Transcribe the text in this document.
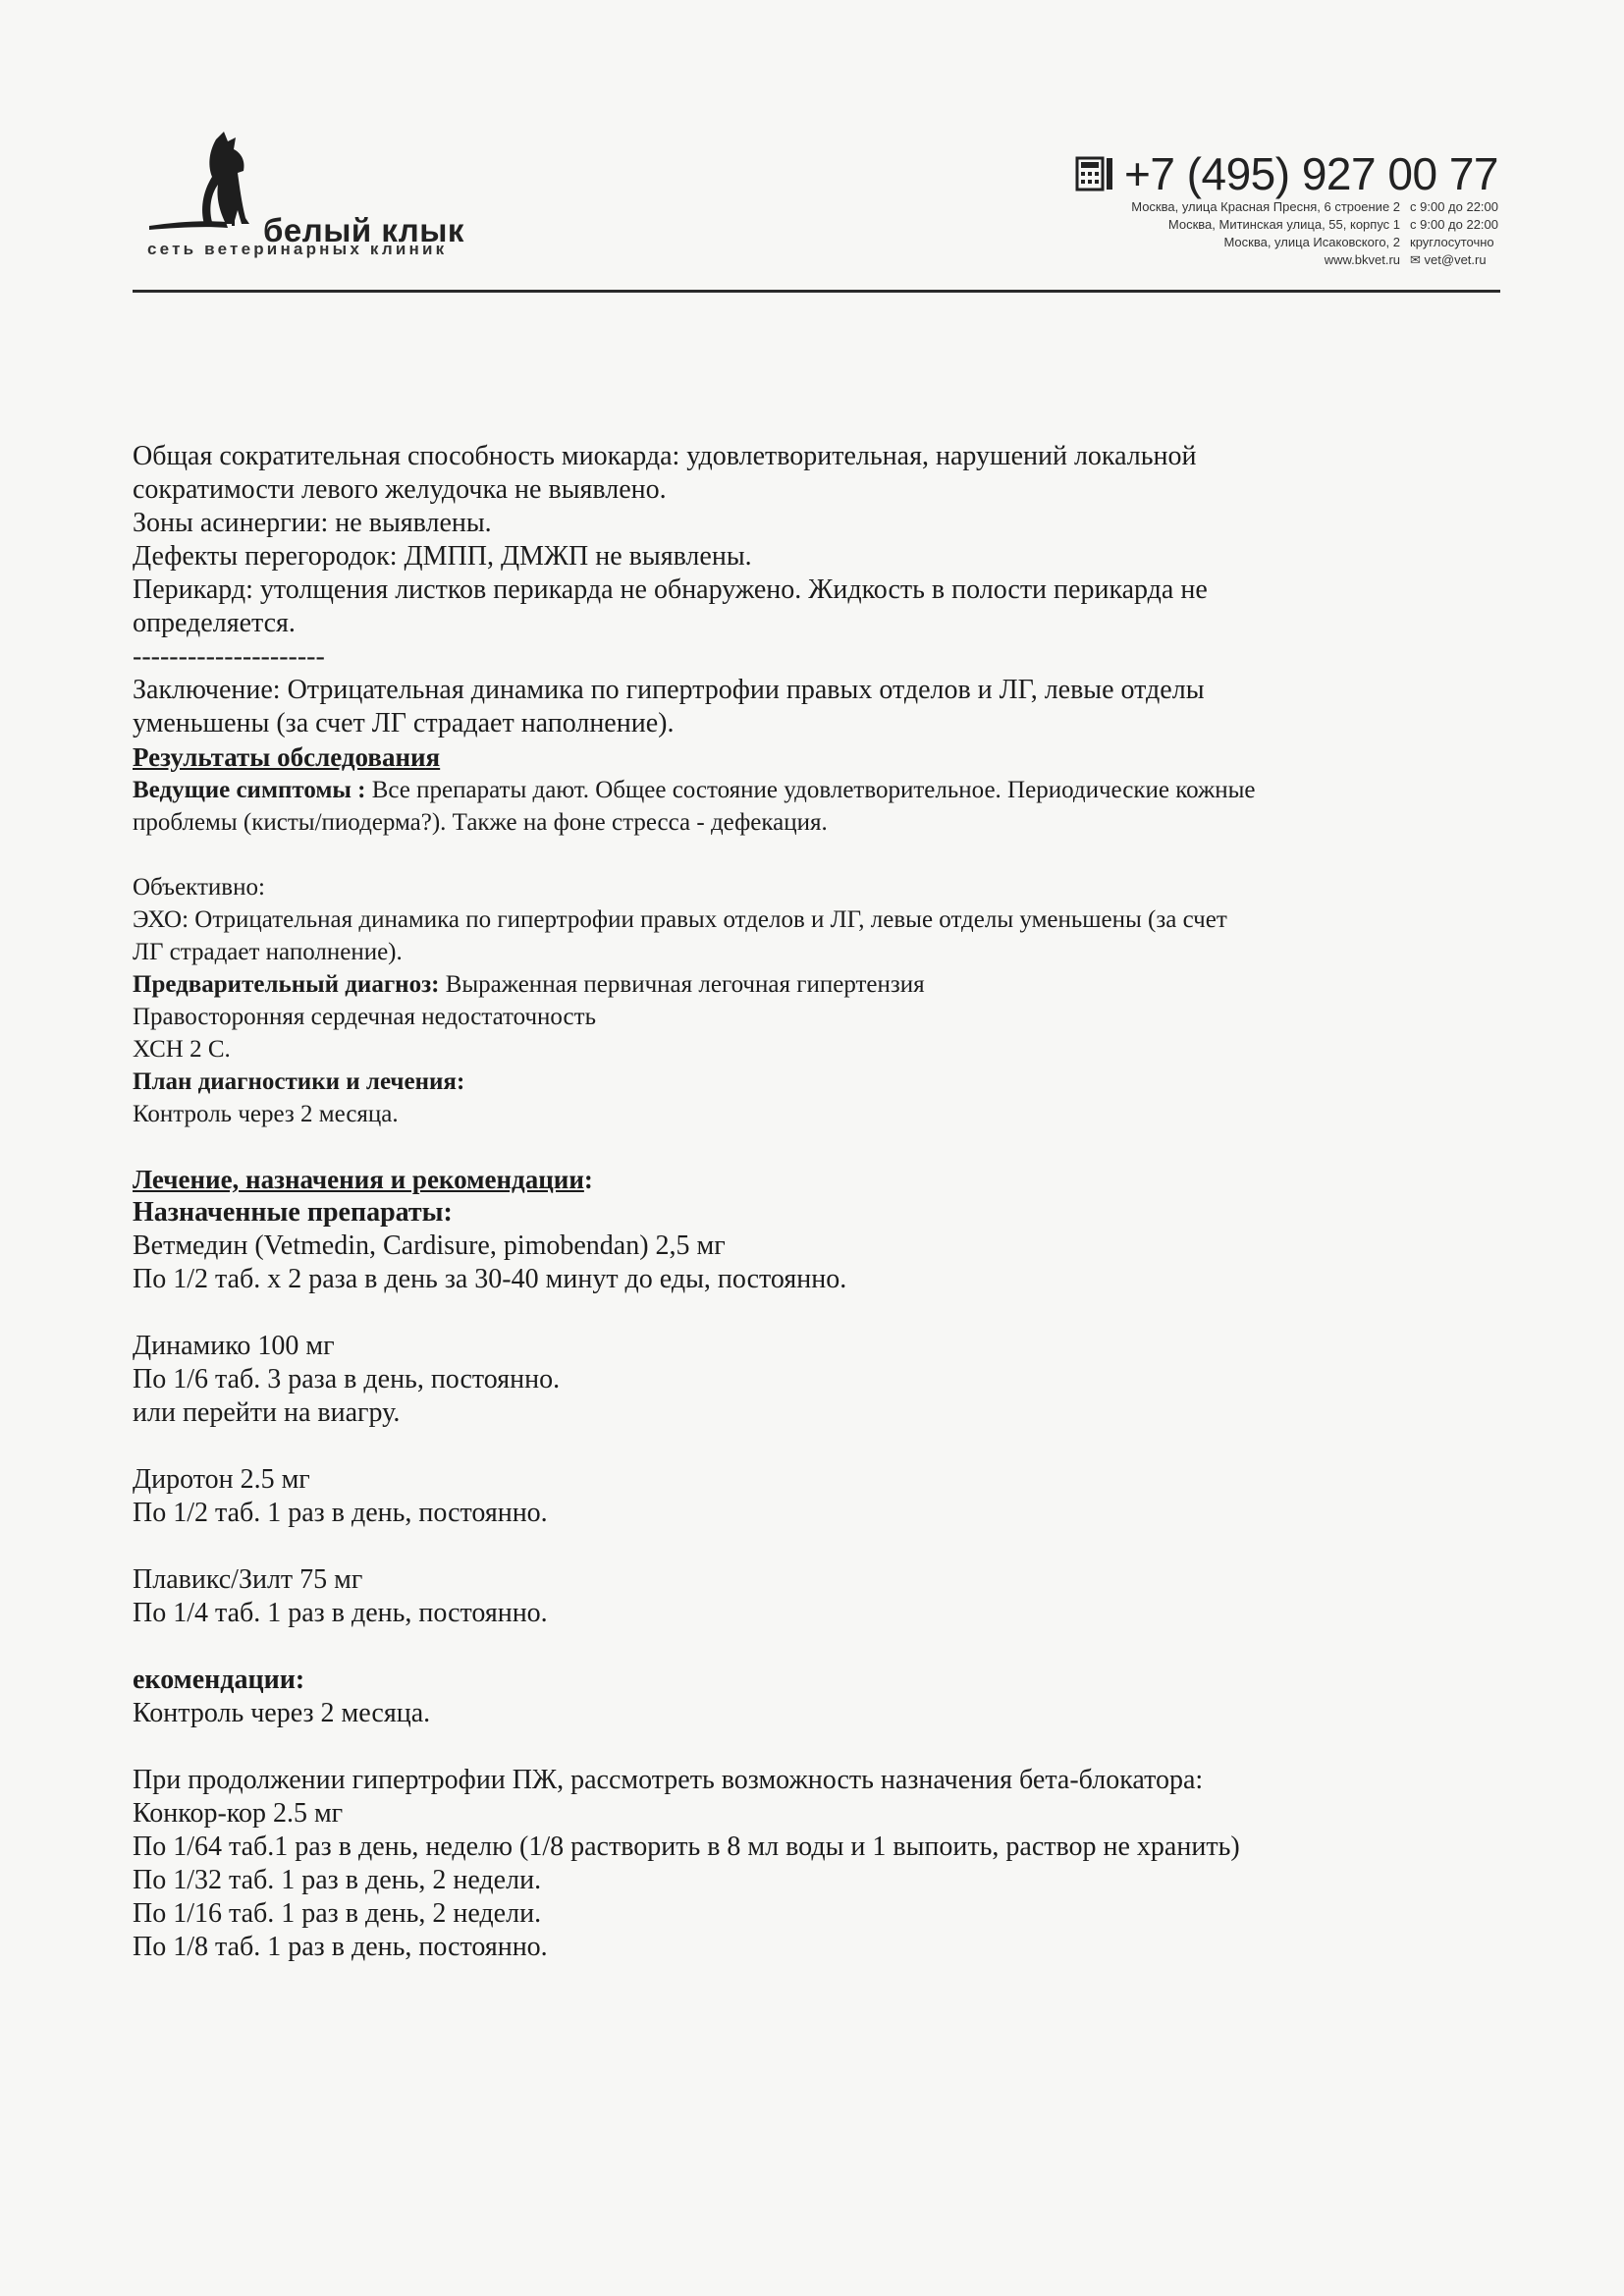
белый клык
сеть ветеринарных клиник
+7 (495) 927 00 77
Москва, улица Красная Пресня, 6 строение 2	с 9:00 до 22:00
Москва, Митинская улица, 55, корпус 1	с 9:00 до 22:00
Москва, улица Исаковского, 2	круглосуточно
www.bkvet.ru	✉ vet@vet.ru

Общая сократительная способность миокарда: удовлетворительная, нарушений локальной

сократимости левого желудочка не выявлено.

Зоны асинергии: не выявлены.

Дефекты перегородок: ДМПП, ДМЖП не выявлены.

Перикард: утолщения листков перикарда не обнаружено. Жидкость в полости перикарда не

определяется.

---------------------

Заключение: Отрицательная динамика по гипертрофии правых отделов и ЛГ, левые отделы

уменьшены (за счет ЛГ страдает наполнение).

Результаты обследования

Ведущие симптомы : Все препараты дают. Общее состояние удовлетворительное. Периодические кожные

проблемы (кисты/пиодерма?). Также на фоне стресса - дефекация.

Объективно:

ЭХО: Отрицательная динамика по гипертрофии правых отделов и ЛГ, левые отделы уменьшены (за счет

ЛГ страдает наполнение).

Предварительный диагноз: Выраженная первичная легочная гипертензия

Правосторонняя сердечная недостаточность

ХСН 2 С.

План диагностики и лечения:

Контроль через 2 месяца.

Лечение, назначения и рекомендации:

Назначенные препараты:

Ветмедин (Vetmedin, Cardisure, pimobendan) 2,5 мг

По 1/2 таб. х 2 раза в день за 30-40 минут до еды, постоянно.

Динамико 100 мг

По 1/6 таб. 3 раза в день, постоянно.

или перейти на виагру.

Диротон 2.5 мг

По 1/2 таб. 1 раз в день, постоянно.

Плавикс/Зилт 75 мг

По 1/4 таб. 1 раз в день, постоянно.

екомендации:

Контроль через 2 месяца.

При продолжении гипертрофии ПЖ, рассмотреть возможность назначения бета-блокатора:

Конкор-кор 2.5 мг

По 1/64 таб.1 раз в день, неделю (1/8 растворить в 8 мл воды и 1 выпоить, раствор не хранить)

По 1/32 таб. 1 раз в день, 2 недели.

По 1/16 таб. 1 раз в день, 2 недели.

По 1/8 таб. 1 раз в день, постоянно.
